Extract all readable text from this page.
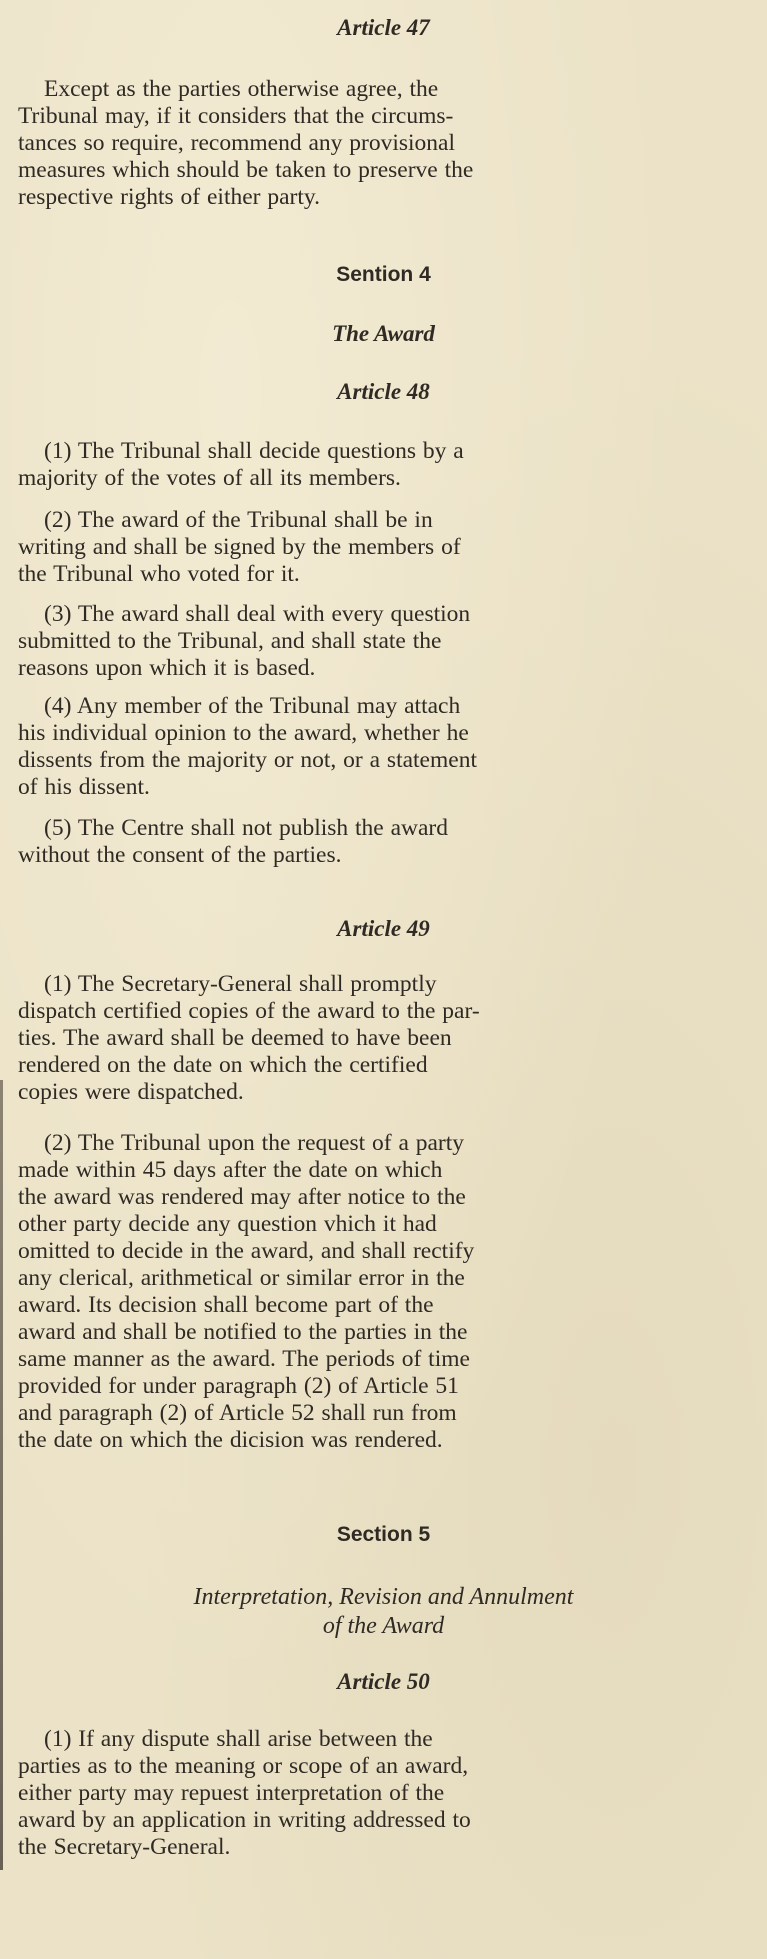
Article 47
Except as the parties otherwise agree, the
Tribunal may, if it considers that the circums-
tances so require, recommend any provisional
measures which should be taken to preserve the
respective rights of either party.
Sention 4
The Award
Article 48
(1) The Tribunal shall decide questions by a
majority of the votes of all its members.
(2) The award of the Tribunal shall be in
writing and shall be signed by the members of
the Tribunal who voted for it.
(3) The award shall deal with every question
submitted to the Tribunal, and shall state the
reasons upon which it is based.
(4) Any member of the Tribunal may attach
his individual opinion to the award, whether he
dissents from the majority or not, or a statement
of his dissent.
(5) The Centre shall not publish the award
without the consent of the parties.
Article 49
(1) The Secretary-General shall promptly
dispatch certified copies of the award to the par-
ties. The award shall be deemed to have been
rendered on the date on which the certified
copies were dispatched.
(2) The Tribunal upon the request of a party
made within 45 days after the date on which
the award was rendered may after notice to the
other party decide any question vhich it had
omitted to decide in the award, and shall rectify
any clerical, arithmetical or similar error in the
award. Its decision shall become part of the
award and shall be notified to the parties in the
same manner as the award. The periods of time
provided for under paragraph (2) of Article 51
and paragraph (2) of Article 52 shall run from
the date on which the dicision was rendered.
Section 5
Interpretation, Revision and Annulment
of the Award
Article 50
(1) If any dispute shall arise between the
parties as to the meaning or scope of an award,
either party may repuest interpretation of the
award by an application in writing addressed to
the Secretary-General.
